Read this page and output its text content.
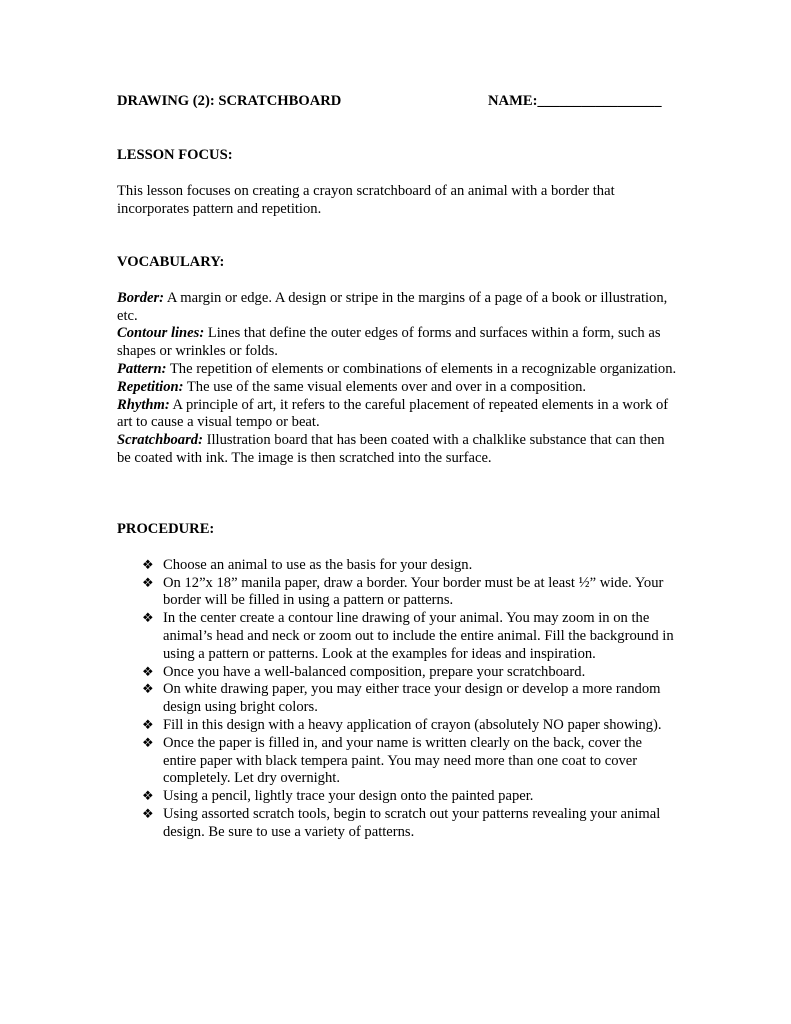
DRAWING (2): SCRATCHBOARD	NAME:_________________
LESSON FOCUS:
This lesson focuses on creating a crayon scratchboard of an animal with a border that incorporates pattern and repetition.
VOCABULARY:

Border: A margin or edge. A design or stripe in the margins of a page of a book or illustration, etc.

Contour lines: Lines that define the outer edges of forms and surfaces within a form, such as shapes or wrinkles or folds.

Pattern: The repetition of elements or combinations of elements in a recognizable organization.

Repetition: The use of the same visual elements over and over in a composition.

Rhythm: A principle of art, it refers to the careful placement of repeated elements in a work of art to cause a visual tempo or beat.

Scratchboard: Illustration board that has been coated with a chalklike substance that can then be coated with ink. The image is then scratched into the surface.

PROCEDURE:
❖ Choose an animal to use as the basis for your design.
❖ On 12”x 18” manila paper, draw a border. Your border must be at least ½” wide. Your border will be filled in using a pattern or patterns.
❖ In the center create a contour line drawing of your animal. You may zoom in on the animal’s head and neck or zoom out to include the entire animal. Fill the background in using a pattern or patterns. Look at the examples for ideas and inspiration.
❖ Once you have a well-balanced composition, prepare your scratchboard.
❖ On white drawing paper, you may either trace your design or develop a more random design using bright colors.
❖ Fill in this design with a heavy application of crayon (absolutely NO paper showing).
❖ Once the paper is filled in, and your name is written clearly on the back, cover the entire paper with black tempera paint. You may need more than one coat to cover completely. Let dry overnight.
❖ Using a pencil, lightly trace your design onto the painted paper.
❖ Using assorted scratch tools, begin to scratch out your patterns revealing your animal design. Be sure to use a variety of patterns.
